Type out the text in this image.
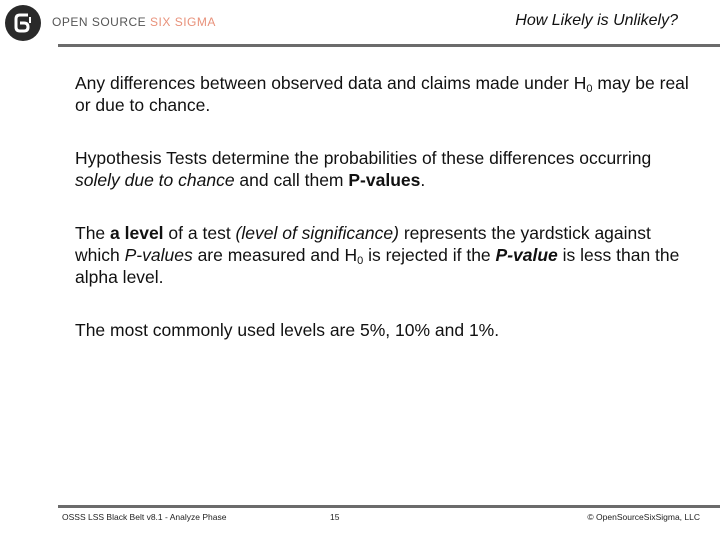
OPEN SOURCE SIX SIGMA	How Likely is Unlikely?

Any differences between observed data and claims made under $H_0$ may be real or due to chance.

Hypothesis Tests determine the probabilities of these differences occurring solely due to chance and call them P-values.

The a level of a test (level of significance) represents the yardstick against which P-values are measured and $H_0$ is rejected if the P-value is less than the alpha level.

The most commonly used levels are 5%, 10% and 1%.

OSSS LSS Black Belt v8.1 - Analyze Phase	15	© OpenSourceSixSigma, LLC
